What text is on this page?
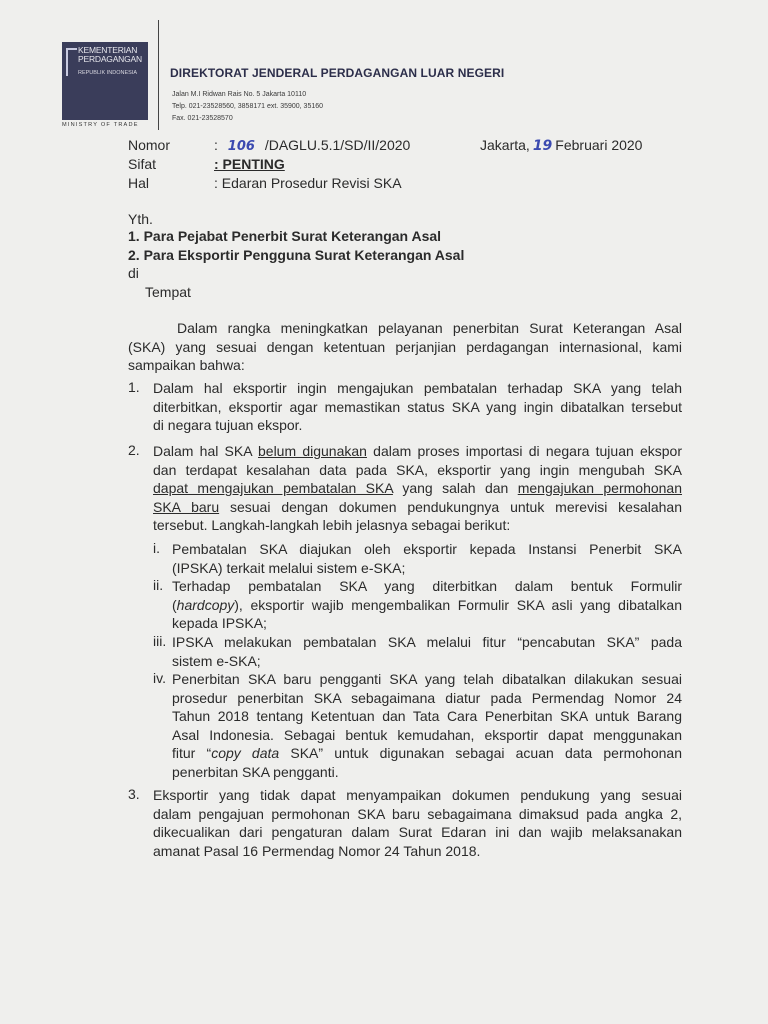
KEMENTERIAN
PERDAGANGAN
REPUBLIK INDONESIA
MINISTRY OF TRADE
DIREKTORAT JENDERAL PERDAGANGAN LUAR NEGERI
Jalan M.I Ridwan Rais No. 5 Jakarta 10110
Telp. 021-23528560, 3858171 ext. 35900, 35160
Fax. 021-23528570
Nomor	: 106 /DAGLU.5.1/SD/II/2020	Jakarta, 19 Februari 2020
Sifat	: PENTING
Hal	: Edaran Prosedur Revisi SKA
Yth.
1. Para Pejabat Penerbit Surat Keterangan Asal
2. Para Eksportir Pengguna Surat Keterangan Asal
di
Tempat
Dalam rangka meningkatkan pelayanan penerbitan Surat Keterangan Asal
(SKA) yang sesuai dengan ketentuan perjanjian perdagangan internasional, kami
sampaikan bahwa:
1. Dalam hal eksportir ingin mengajukan pembatalan terhadap SKA yang telah
diterbitkan, eksportir agar memastikan status SKA yang ingin dibatalkan tersebut
di negara tujuan ekspor.
2. Dalam hal SKA belum digunakan dalam proses importasi di negara tujuan ekspor
dan terdapat kesalahan data pada SKA, eksportir yang ingin mengubah SKA
dapat mengajukan pembatalan SKA yang salah dan mengajukan permohonan
SKA baru sesuai dengan dokumen pendukungnya untuk merevisi kesalahan
tersebut. Langkah-langkah lebih jelasnya sebagai berikut:
i. Pembatalan SKA diajukan oleh eksportir kepada Instansi Penerbit SKA
(IPSKA) terkait melalui sistem e-SKA;
ii. Terhadap pembatalan SKA yang diterbitkan dalam bentuk Formulir
(hardcopy), eksportir wajib mengembalikan Formulir SKA asli yang dibatalkan
kepada IPSKA;
iii. IPSKA melakukan pembatalan SKA melalui fitur “pencabutan SKA” pada
sistem e-SKA;
iv. Penerbitan SKA baru pengganti SKA yang telah dibatalkan dilakukan sesuai
prosedur penerbitan SKA sebagaimana diatur pada Permendag Nomor 24
Tahun 2018 tentang Ketentuan dan Tata Cara Penerbitan SKA untuk Barang
Asal Indonesia. Sebagai bentuk kemudahan, eksportir dapat menggunakan
fitur “copy data SKA” untuk digunakan sebagai acuan data permohonan
penerbitan SKA pengganti.
3. Eksportir yang tidak dapat menyampaikan dokumen pendukung yang sesuai
dalam pengajuan permohonan SKA baru sebagaimana dimaksud pada angka 2,
dikecualikan dari pengaturan dalam Surat Edaran ini dan wajib melaksanakan
amanat Pasal 16 Permendag Nomor 24 Tahun 2018.
